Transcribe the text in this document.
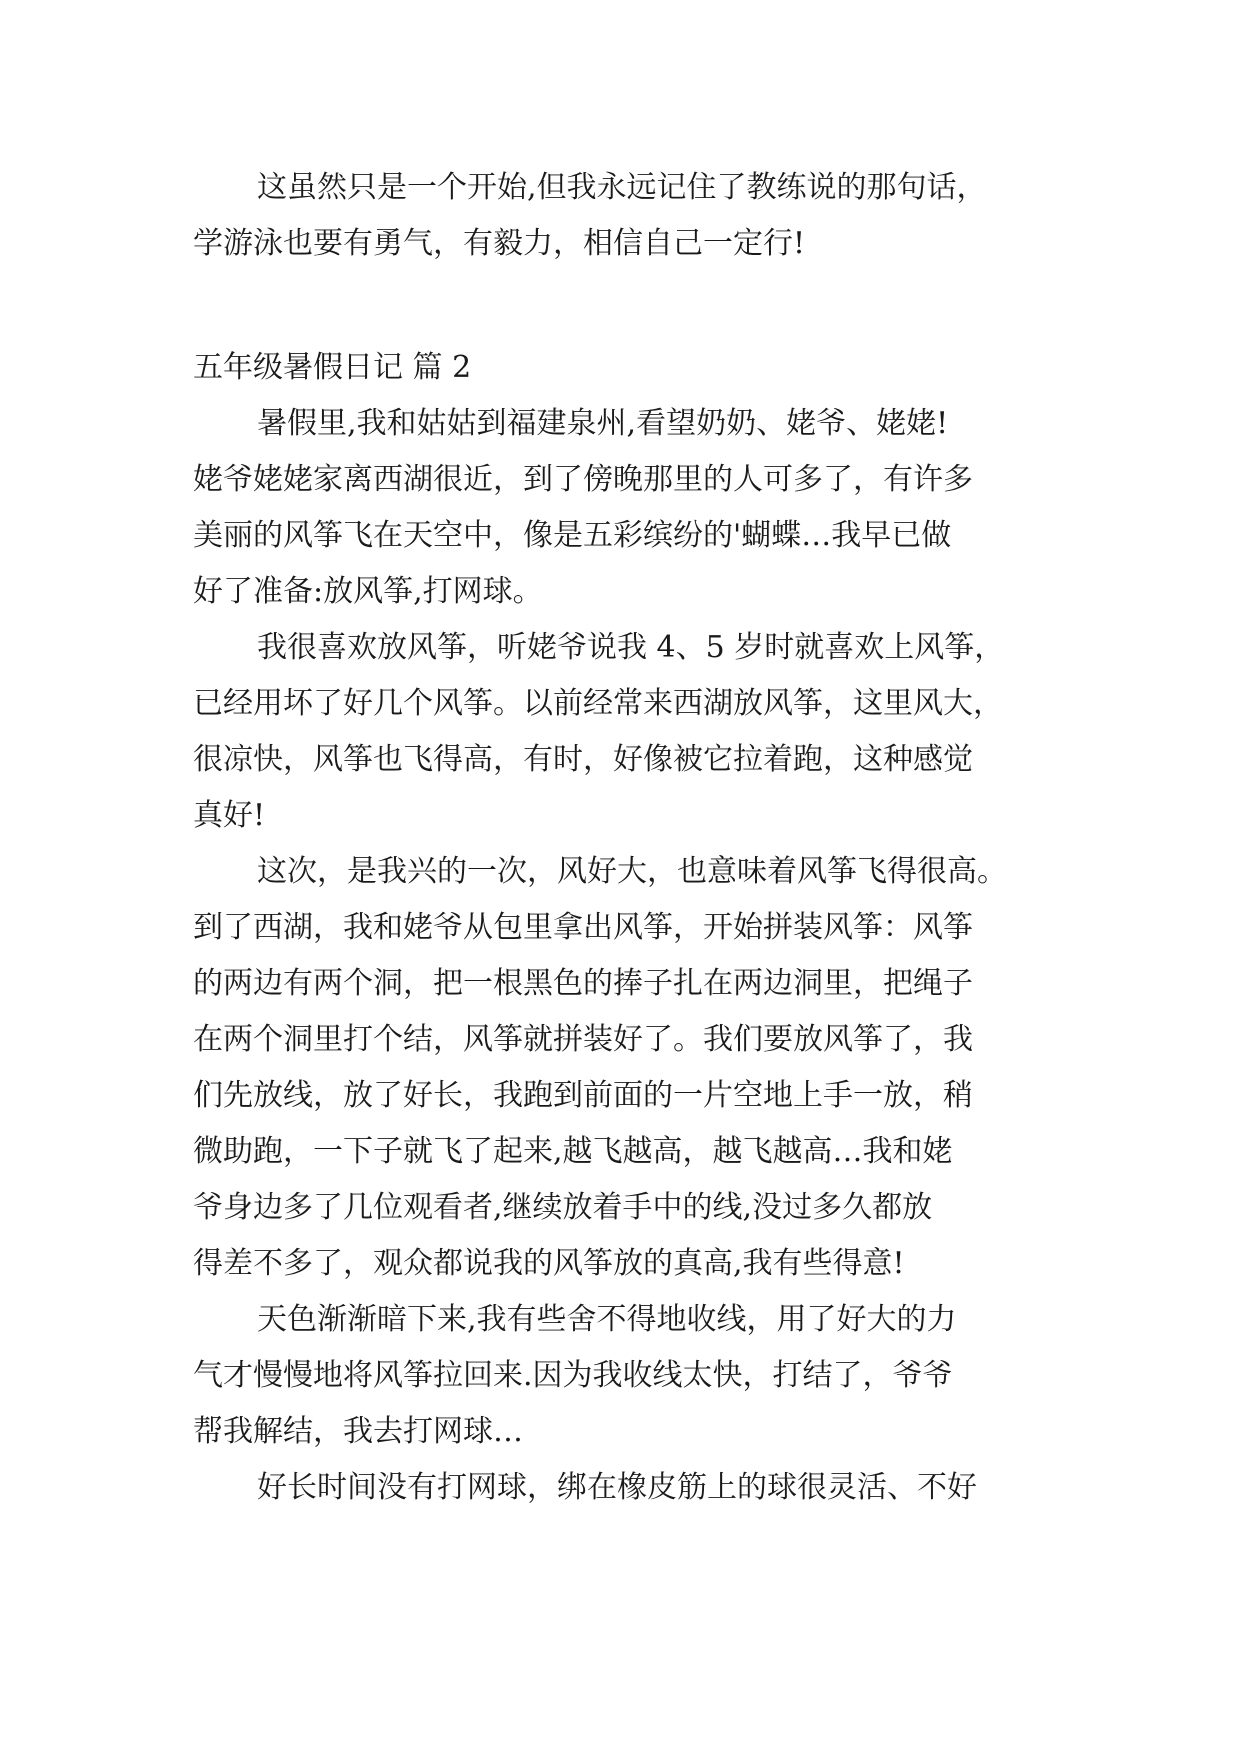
这虽然只是一个开始,但我永远记住了教练说的那句话，
学游泳也要有勇气，有毅力，相信自己一定行!
五年级暑假日记 篇 2
暑假里,我和姑姑到福建泉州,看望奶奶、姥爷、姥姥!
姥爷姥姥家离西湖很近，到了傍晚那里的人可多了，有许多
美丽的风筝飞在天空中，像是五彩缤纷的'蝴蝶…我早已做
好了准备:放风筝,打网球。
我很喜欢放风筝，听姥爷说我 4、5 岁时就喜欢上风筝，
已经用坏了好几个风筝。以前经常来西湖放风筝，这里风大，
很凉快，风筝也飞得高，有时，好像被它拉着跑，这种感觉
真好!
这次，是我兴的一次，风好大，也意味着风筝飞得很高。
到了西湖，我和姥爷从包里拿出风筝，开始拼装风筝：风筝
的两边有两个洞，把一根黑色的捧子扎在两边洞里，把绳子
在两个洞里打个结，风筝就拼装好了。我们要放风筝了，我
们先放线，放了好长，我跑到前面的一片空地上手一放，稍
微助跑，一下子就飞了起来,越飞越高，越飞越高…我和姥
爷身边多了几位观看者,继续放着手中的线,没过多久都放
得差不多了，观众都说我的风筝放的真高,我有些得意!
天色渐渐暗下来,我有些舍不得地收线，用了好大的力
气才慢慢地将风筝拉回来.因为我收线太快，打结了，爷爷
帮我解结，我去打网球…
好长时间没有打网球，绑在橡皮筋上的球很灵活、不好
